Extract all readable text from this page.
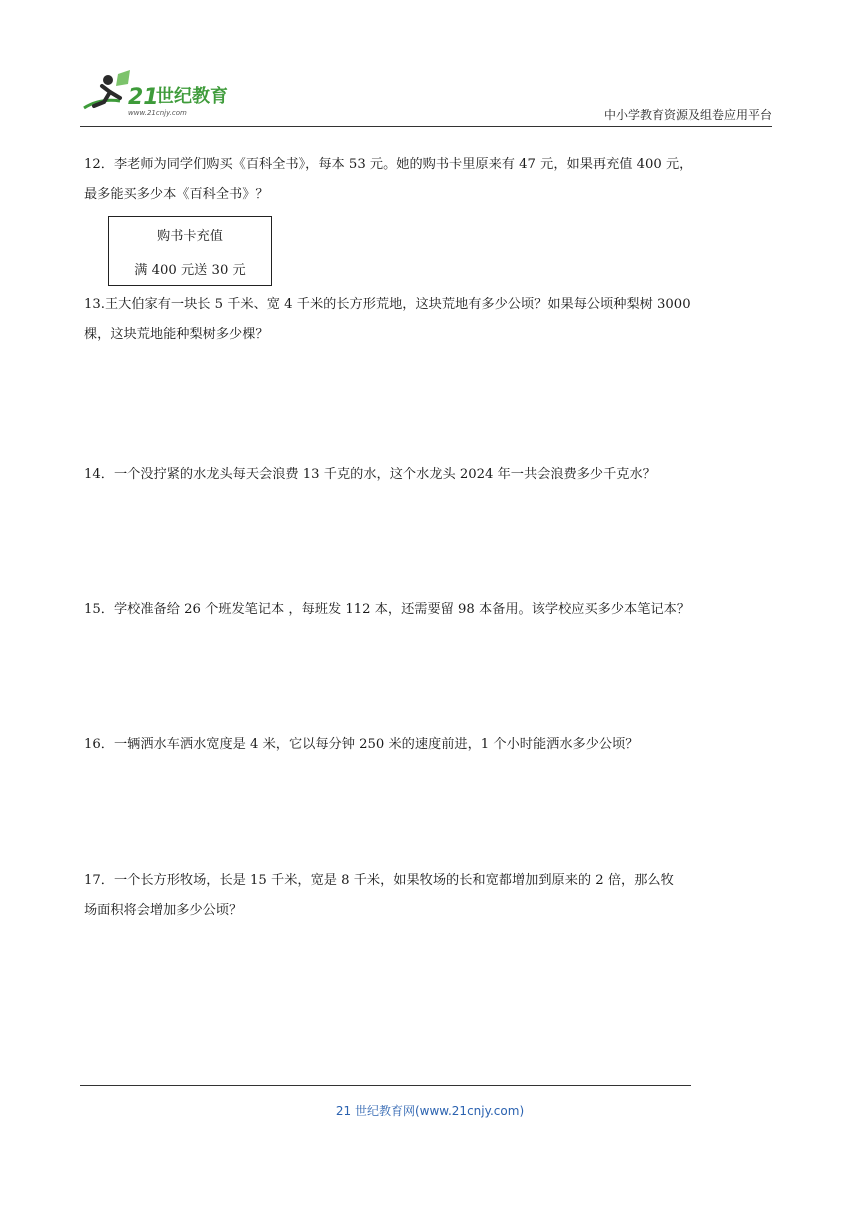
21
世纪教育
www.21cnjy.com	中小学教育资源及组卷应用平台
12．李老师为同学们购买《百科全书》，每本 53 元。她的购书卡里原来有 47 元，如果再充值 400 元，
最多能买多少本《百科全书》？
购书卡充值
满 400 元送 30 元
13.王大伯家有一块长 5 千米、宽 4 千米的长方形荒地，这块荒地有多少公顷？如果每公顷种梨树 3000
棵，这块荒地能种梨树多少棵？
14．一个没拧紧的水龙头每天会浪费 13 千克的水，这个水龙头 2024 年一共会浪费多少千克水？
15．学校准备给 26 个班发笔记本 ，每班发 112 本，还需要留 98 本备用。该学校应买多少本笔记本？
16．一辆洒水车洒水宽度是 4 米，它以每分钟 250 米的速度前进，1 个小时能洒水多少公顷？
17．一个长方形牧场，长是 15 千米，宽是 8 千米，如果牧场的长和宽都增加到原来的 2 倍，那么牧
场面积将会增加多少公顷？
21 世纪教育网(www.21cnjy.com)
